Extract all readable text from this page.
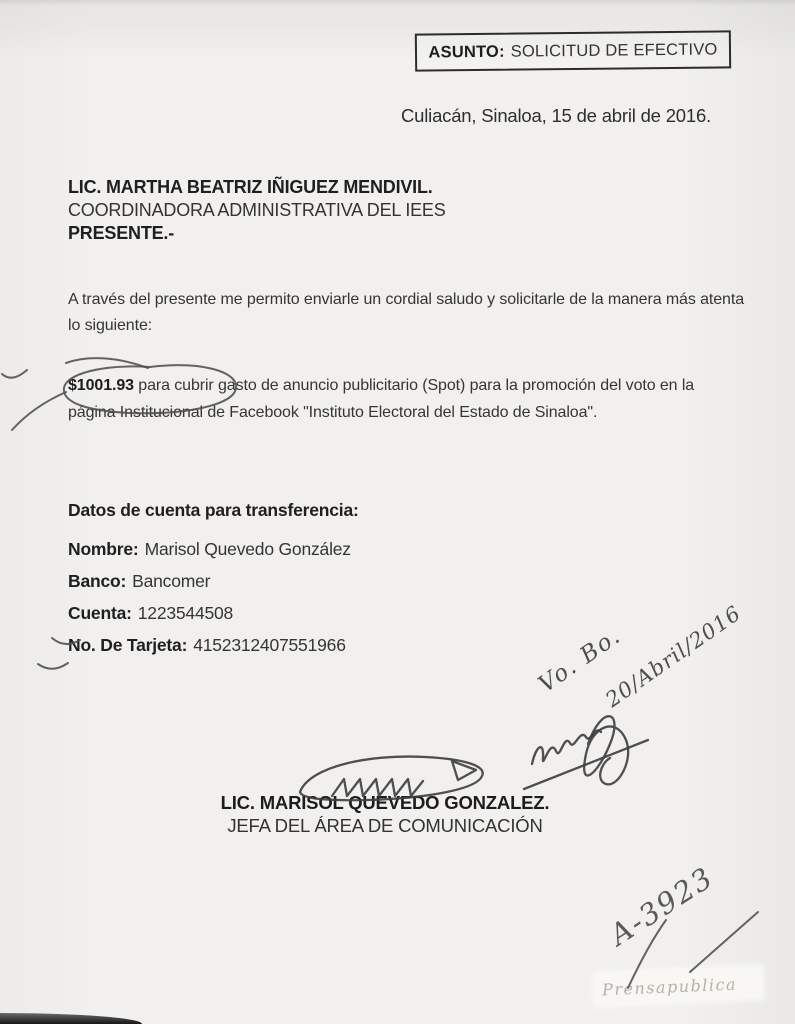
ASUNTO: SOLICITUD DE EFECTIVO
Culiacán, Sinaloa, 15 de abril de 2016.
LIC. MARTHA BEATRIZ IÑIGUEZ MENDIVIL.
COORDINADORA ADMINISTRATIVA DEL IEES
PRESENTE.-
A través del presente me permito enviarle un cordial saludo y solicitarle de la manera más atenta lo siguiente:
$1001.93 para cubrir gasto de anuncio publicitario (Spot) para la promoción del voto en la página Institucional de Facebook "Instituto Electoral del Estado de Sinaloa".
Datos de cuenta para transferencia:
Nombre: Marisol Quevedo González
Banco: Bancomer
Cuenta: 1223544508
No. De Tarjeta: 4152312407551966	Vo. Bo.
20/Abril/2016
LIC. MARISOL QUEVEDO GONZALEZ.
JEFA DEL ÁREA DE COMUNICACIÓN
A-3923
Prensapublica
